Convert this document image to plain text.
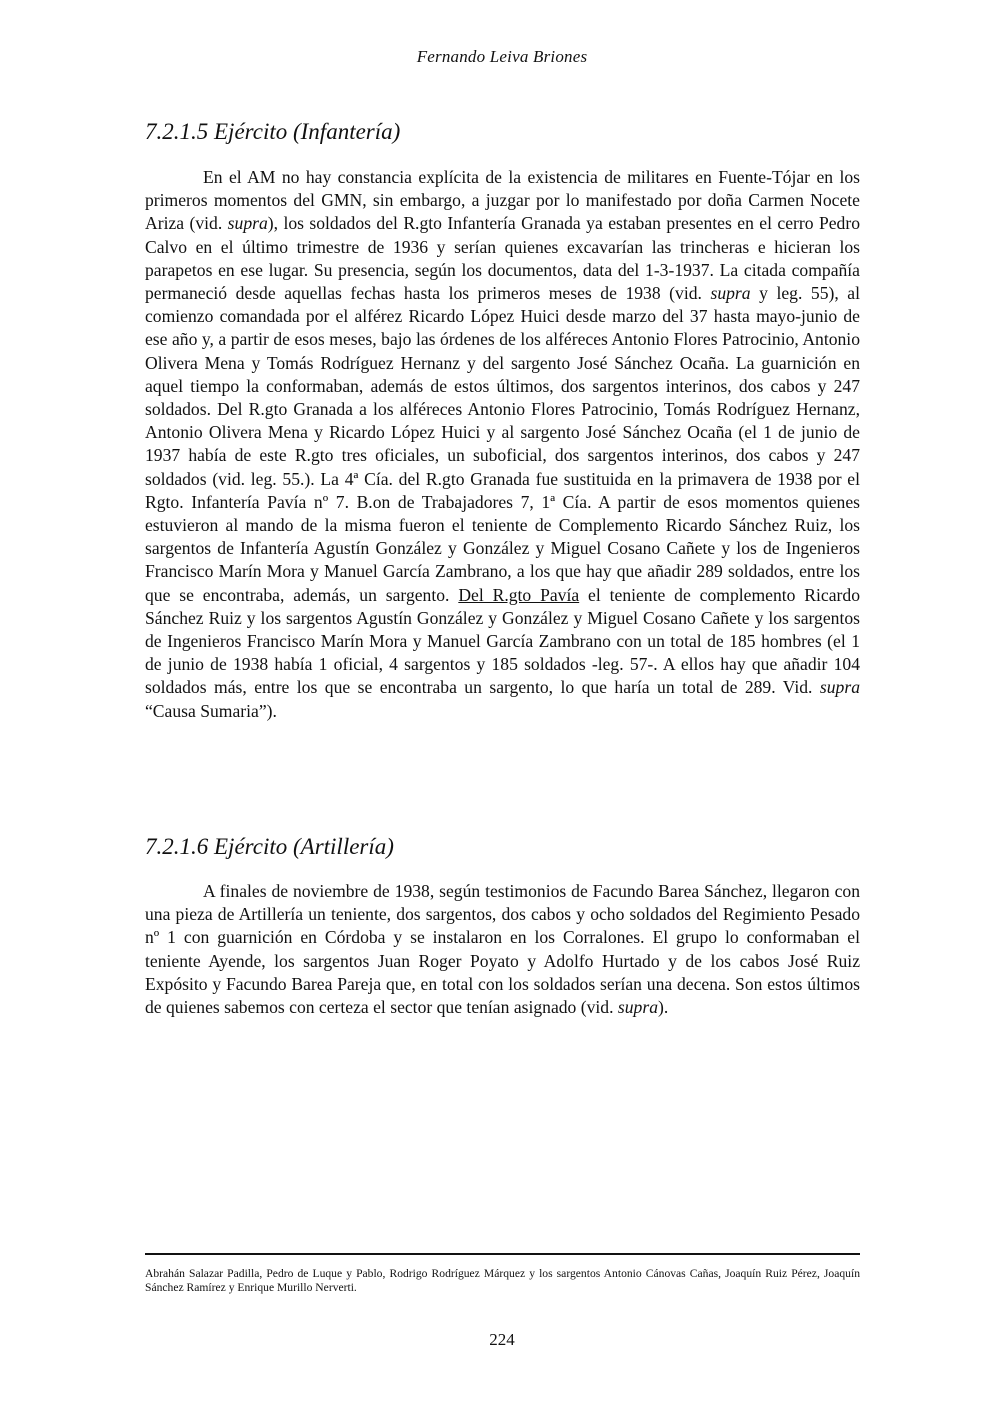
Fernando Leiva Briones
7.2.1.5 Ejército (Infantería)

En el AM no hay constancia explícita de la existencia de militares en Fuente-Tójar en los primeros momentos del GMN, sin embargo, a juzgar por lo manifestado por doña Carmen Nocete Ariza (vid. supra), los soldados del R.gto Infantería Granada ya estaban presentes en el cerro Pedro Calvo en el último trimestre de 1936 y serían quienes excavarían las trincheras e hicieran los parapetos en ese lugar. Su presencia, según los documentos, data del 1-3-1937. La citada compañía permaneció desde aquellas fechas hasta los primeros meses de 1938 (vid. supra y leg. 55), al comienzo comandada por el alférez Ricardo López Huici desde marzo del 37 hasta mayo-junio de ese año y, a partir de esos meses, bajo las órdenes de los alféreces Antonio Flores Patrocinio, Antonio Olivera Mena y Tomás Rodríguez Hernanz y del sargento José Sánchez Ocaña. La guarnición en aquel tiempo la conformaban, además de estos últimos, dos sargentos interinos, dos cabos y 247 soldados. Del R.gto Granada a los alféreces Antonio Flores Patrocinio, Tomás Rodríguez Hernanz, Antonio Olivera Mena y Ricardo López Huici y al sargento José Sánchez Ocaña (el 1 de junio de 1937 había de este R.gto tres oficiales, un suboficial, dos sargentos interinos, dos cabos y 247 soldados (vid. leg. 55.). La 4ª Cía. del R.gto Granada fue sustituida en la primavera de 1938 por el Rgto. Infantería Pavía nº 7. B.on de Trabajadores 7, 1ª Cía. A partir de esos momentos quienes estuvieron al mando de la misma fueron el teniente de Complemento Ricardo Sánchez Ruiz, los sargentos de Infantería Agustín González y González y Miguel Cosano Cañete y los de Ingenieros Francisco Marín Mora y Manuel García Zambrano, a los que hay que añadir 289 soldados, entre los que se encontraba, además, un sargento. Del R.gto Pavía el teniente de complemento Ricardo Sánchez Ruiz y los sargentos Agustín González y González y Miguel Cosano Cañete y los sargentos de Ingenieros Francisco Marín Mora y Manuel García Zambrano con un total de 185 hombres (el 1 de junio de 1938 había 1 oficial, 4 sargentos y 185 soldados -leg. 57-. A ellos hay que añadir 104 soldados más, entre los que se encontraba un sargento, lo que haría un total de 289. Vid. supra “Causa Sumaria”).

7.2.1.6 Ejército (Artillería)

A finales de noviembre de 1938, según testimonios de Facundo Barea Sánchez, llegaron con una pieza de Artillería un teniente, dos sargentos, dos cabos y ocho soldados del Regimiento Pesado nº 1 con guarnición en Córdoba y se instalaron en los Corralones. El grupo lo conformaban el teniente Ayende, los sargentos Juan Roger Poyato y Adolfo Hurtado y de los cabos José Ruiz Expósito y Facundo Barea Pareja que, en total con los soldados serían una decena. Son estos últimos de quienes sabemos con certeza el sector que tenían asignado (vid. supra).

Abrahán Salazar Padilla, Pedro de Luque y Pablo, Rodrigo Rodríguez Márquez y los sargentos Antonio Cánovas Cañas, Joaquín Ruiz Pérez, Joaquín Sánchez Ramírez y Enrique Murillo Nerverti.
224
